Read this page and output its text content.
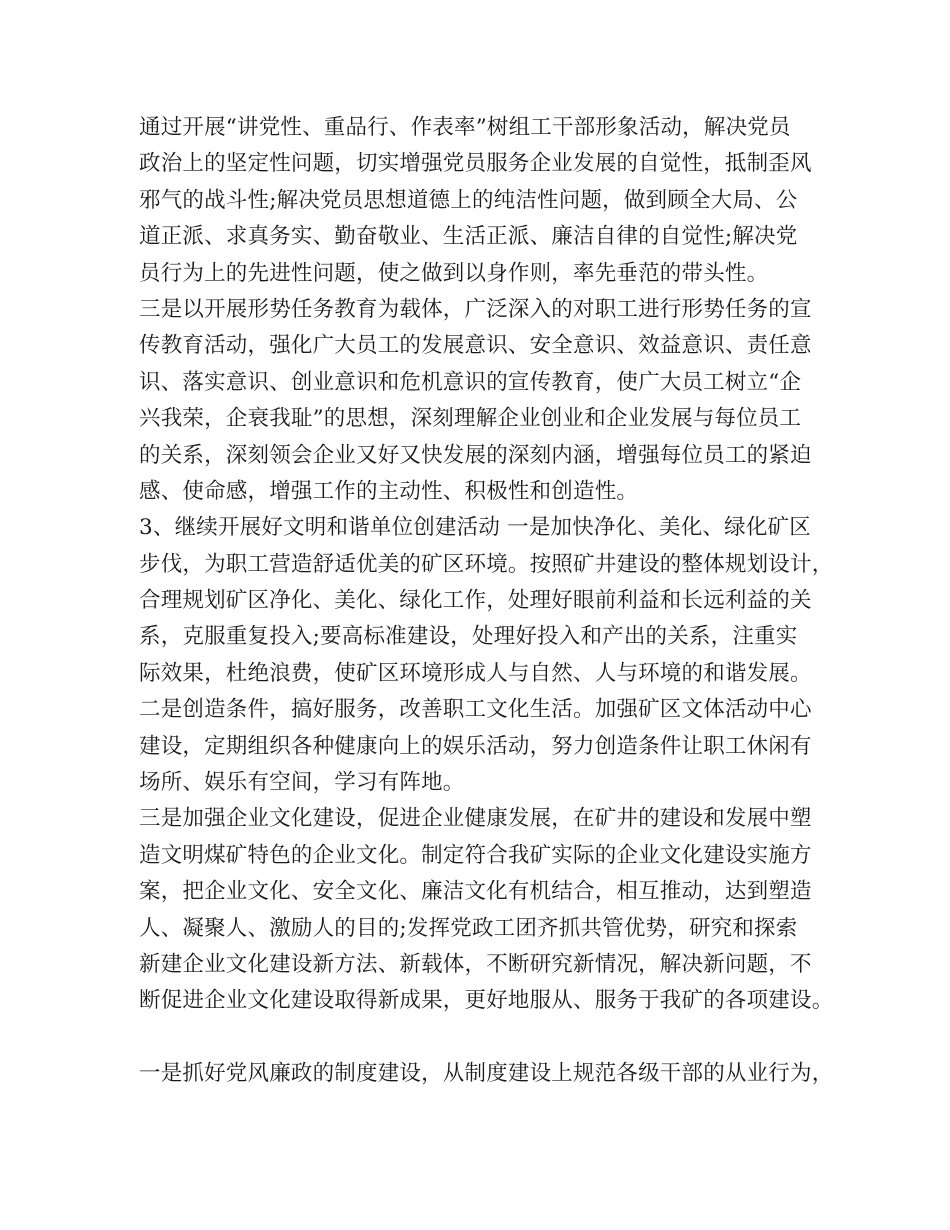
通过开展“讲党性、重品行、作表率”树组工干部形象活动，解决党员
政治上的坚定性问题，切实增强党员服务企业发展的自觉性，抵制歪风
邪气的战斗性;解决党员思想道德上的纯洁性问题，做到顾全大局、公
道正派、求真务实、勤奋敬业、生活正派、廉洁自律的自觉性;解决党
员行为上的先进性问题，使之做到以身作则，率先垂范的带头性。
三是以开展形势任务教育为载体，广泛深入的对职工进行形势任务的宣
传教育活动，强化广大员工的发展意识、安全意识、效益意识、责任意
识、落实意识、创业意识和危机意识的宣传教育，使广大员工树立“企
兴我荣，企衰我耻”的思想，深刻理解企业创业和企业发展与每位员工
的关系，深刻领会企业又好又快发展的深刻内涵，增强每位员工的紧迫
感、使命感，增强工作的主动性、积极性和创造性。
3、继续开展好文明和谐单位创建活动 一是加快净化、美化、绿化矿区
步伐，为职工营造舒适优美的矿区环境。按照矿井建设的整体规划设计，
合理规划矿区净化、美化、绿化工作，处理好眼前利益和长远利益的关
系，克服重复投入;要高标准建设，处理好投入和产出的关系，注重实
际效果，杜绝浪费，使矿区环境形成人与自然、人与环境的和谐发展。
二是创造条件，搞好服务，改善职工文化生活。加强矿区文体活动中心
建设，定期组织各种健康向上的娱乐活动，努力创造条件让职工休闲有
场所、娱乐有空间，学习有阵地。
三是加强企业文化建设，促进企业健康发展，在矿井的建设和发展中塑
造文明煤矿特色的企业文化。制定符合我矿实际的企业文化建设实施方
案，把企业文化、安全文化、廉洁文化有机结合，相互推动，达到塑造
人、凝聚人、激励人的目的;发挥党政工团齐抓共管优势，研究和探索
新建企业文化建设新方法、新载体，不断研究新情况，解决新问题，不
断促进企业文化建设取得新成果，更好地服从、服务于我矿的各项建设。
一是抓好党风廉政的制度建设，从制度建设上规范各级干部的从业行为，
